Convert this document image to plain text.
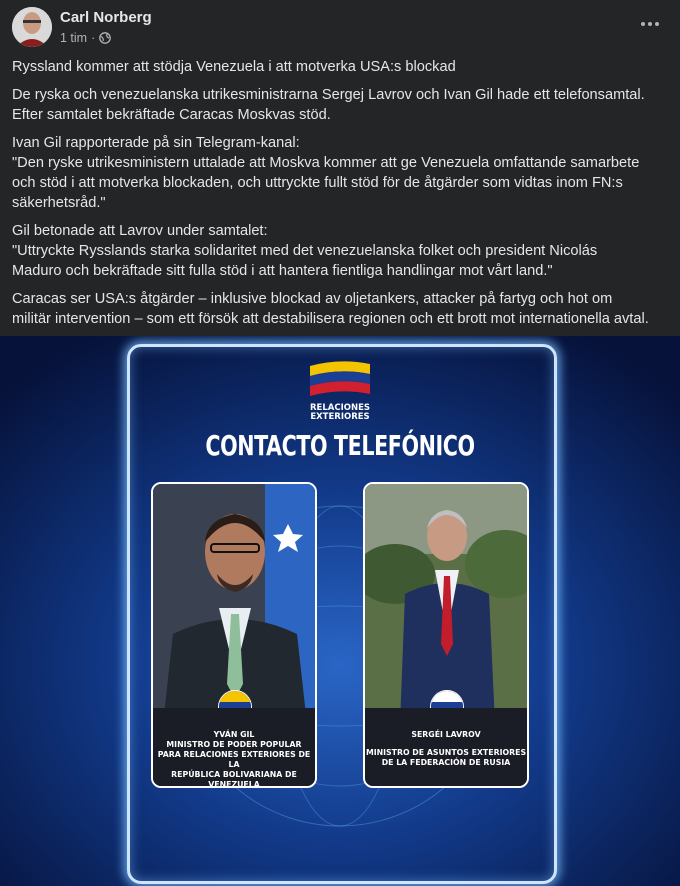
Carl Norberg
1 tim ·

Ryssland kommer att stödja Venezuela i att motverka USA:s blockad

De ryska och venezuelanska utrikesministrarna Sergej Lavrov och Ivan Gil hade ett telefonsamtal.
Efter samtalet bekräftade Caracas Moskvas stöd.

Ivan Gil rapporterade på sin Telegram-kanal:
"Den ryske utrikesministern uttalade att Moskva kommer att ge Venezuela omfattande samarbete
och stöd i att motverka blockaden, och uttryckte fullt stöd för de åtgärder som vidtas inom FN:s
säkerhetsråd."

Gil betonade att Lavrov under samtalet:
"Uttryckte Rysslands starka solidaritet med det venezuelanska folket och president Nicolás
Maduro och bekräftade sitt fulla stöd i att hantera fientliga handlingar mot vårt land."

Caracas ser USA:s åtgärder – inklusive blockad av oljetankers, attacker på fartyg och hot om
militär intervention – som ett försök att destabilisera regionen och ett brott mot internationella avtal.

RELACIONES
EXTERIORES
CONTACTO TELEFÓNICO
YVÁN GIL
MINISTRO DE PODER POPULAR
PARA RELACIONES EXTERIORES DE LA
REPÚBLICA BOLIVARIANA DE VENEZUELA
SERGÉI LAVROV
MINISTRO DE ASUNTOS EXTERIORES
DE LA FEDERACIÓN DE RUSIA
